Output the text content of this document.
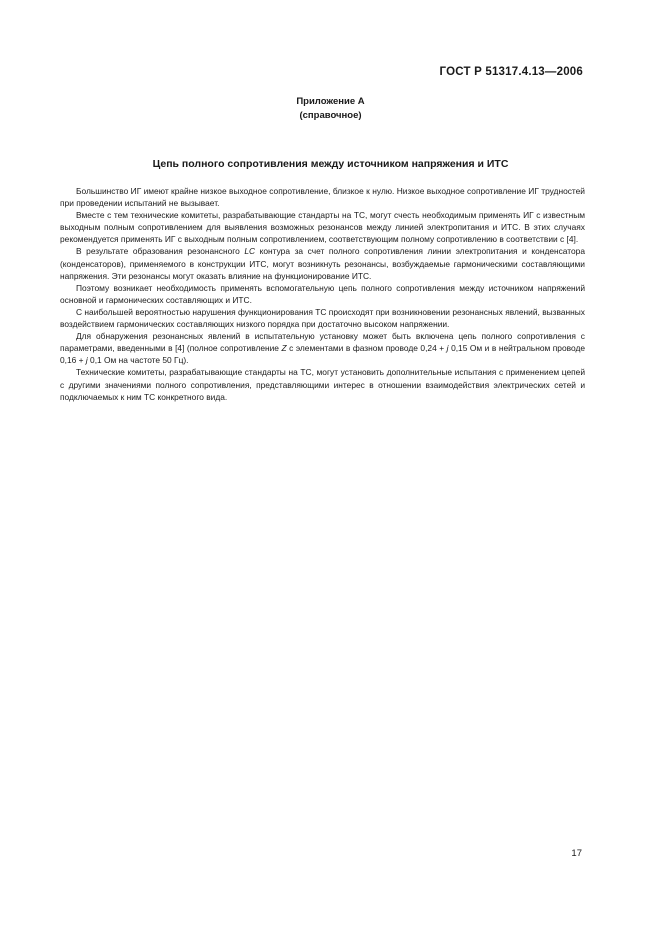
ГОСТ Р 51317.4.13—2006
Приложение А
(справочное)
Цепь полного сопротивления между источником напряжения и ИТС

Большинство ИГ имеют крайне низкое выходное сопротивление, близкое к нулю. Низкое выходное сопротивление ИГ трудностей при проведении испытаний не вызывает.

Вместе с тем технические комитеты, разрабатывающие стандарты на ТС, могут счесть необходимым применять ИГ с известным выходным полным сопротивлением для выявления возможных резонансов между линией электропитания и ИТС. В этих случаях рекомендуется применять ИГ с выходным полным сопротивлением, соответствующим полному сопротивлению в соответствии с [4].

В результате образования резонансного LC контура за счет полного сопротивления линии электропитания и конденсатора (конденсаторов), применяемого в конструкции ИТС, могут возникнуть резонансы, возбуждаемые гармоническими составляющими напряжения. Эти резонансы могут оказать влияние на функционирование ИТС.

Поэтому возникает необходимость применять вспомогательную цепь полного сопротивления между источником напряжений основной и гармонических составляющих и ИТС.

С наибольшей вероятностью нарушения функционирования ТС происходят при возникновении резонансных явлений, вызванных воздействием гармонических составляющих низкого порядка при достаточно высоком напряжении.

Для обнаружения резонансных явлений в испытательную установку может быть включена цепь полного сопротивления с параметрами, введенными в [4] (полное сопротивление Z с элементами в фазном проводе 0,24 + j 0,15 Ом и в нейтральном проводе 0,16 + j 0,1 Ом на частоте 50 Гц).

Технические комитеты, разрабатывающие стандарты на ТС, могут установить дополнительные испытания с применением цепей с другими значениями полного сопротивления, представляющими интерес в отношении взаимодействия электрических сетей и подключаемых к ним ТС конкретного вида.

17
